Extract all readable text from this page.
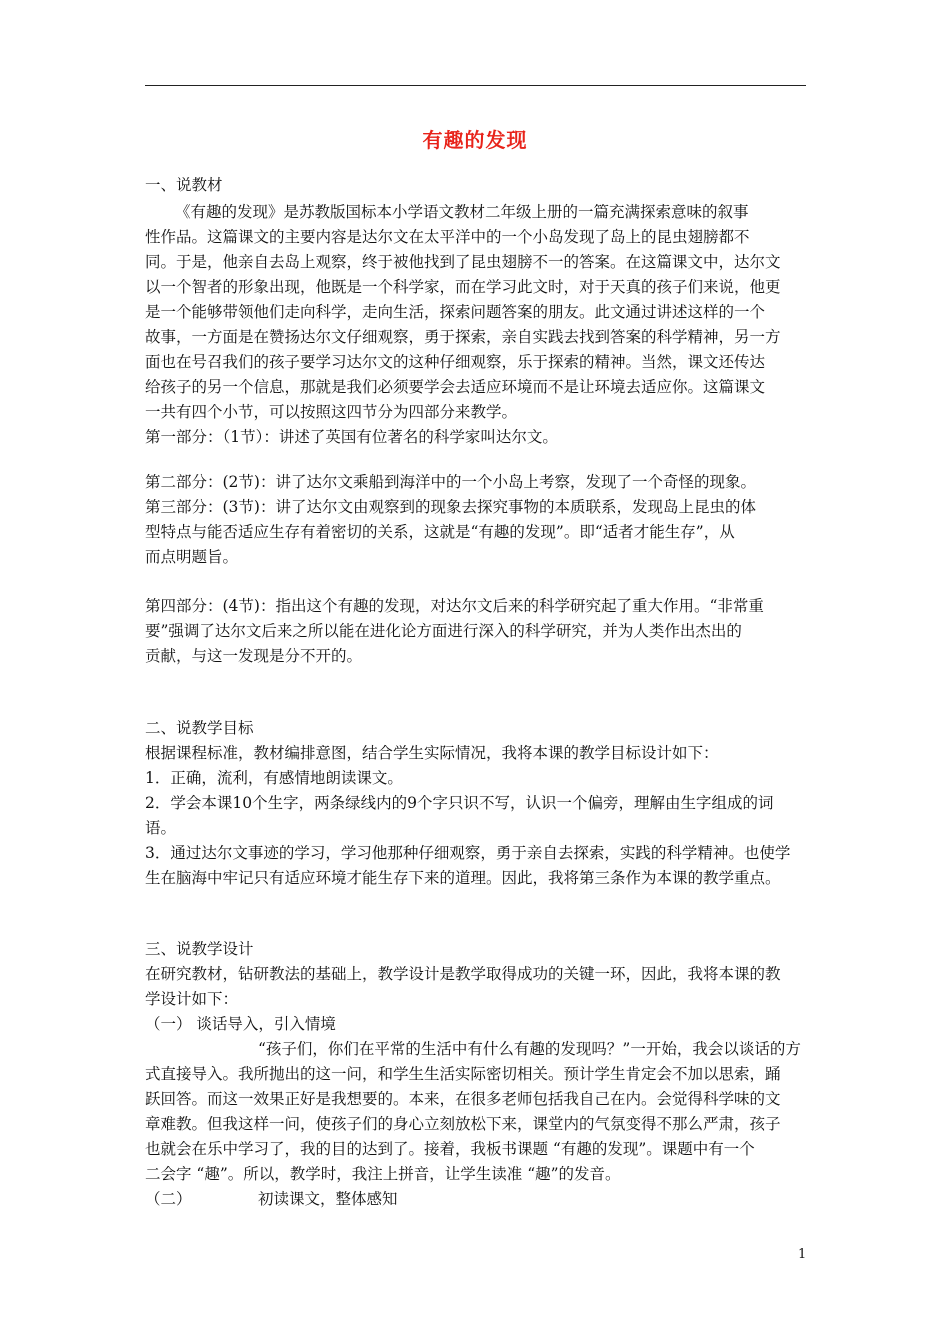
有趣的发现
一、说教材
《有趣的发现》是苏教版国标本小学语文教材二年级上册的一篇充满探索意味的叙事
性作品。这篇课文的主要内容是达尔文在太平洋中的一个小岛发现了岛上的昆虫翅膀都不
同。于是，他亲自去岛上观察，终于被他找到了昆虫翅膀不一的答案。在这篇课文中，达尔文
以一个智者的形象出现，他既是一个科学家，而在学习此文时，对于天真的孩子们来说，他更
是一个能够带领他们走向科学，走向生活，探索问题答案的朋友。此文通过讲述这样的一个
故事，一方面是在赞扬达尔文仔细观察，勇于探索，亲自实践去找到答案的科学精神，另一方
面也在号召我们的孩子要学习达尔文的这种仔细观察，乐于探索的精神。当然，课文还传达
给孩子的另一个信息，那就是我们必须要学会去适应环境而不是让环境去适应你。这篇课文
一共有四个小节，可以按照这四节分为四部分来教学。
第一部分：（1节）：讲述了英国有位著名的科学家叫达尔文。
第二部分：(2节)：讲了达尔文乘船到海洋中的一个小岛上考察，发现了一个奇怪的现象。
第三部分：(3节)：讲了达尔文由观察到的现象去探究事物的本质联系，发现岛上昆虫的体
型特点与能否适应生存有着密切的关系，这就是“有趣的发现”。即“适者才能生存”，从
而点明题旨。
第四部分：(4节)：指出这个有趣的发现，对达尔文后来的科学研究起了重大作用。“非常重
要”强调了达尔文后来之所以能在进化论方面进行深入的科学研究，并为人类作出杰出的
贡献，与这一发现是分不开的。
二、说教学目标
根据课程标准，教材编排意图，结合学生实际情况，我将本课的教学目标设计如下：
1．正确，流利，有感情地朗读课文。
2．学会本课10个生字，两条绿线内的9个字只识不写，认识一个偏旁，理解由生字组成的词
语。
3．通过达尔文事迹的学习，学习他那种仔细观察，勇于亲自去探索，实践的科学精神。也使学
生在脑海中牢记只有适应环境才能生存下来的道理。因此，我将第三条作为本课的教学重点。
三、说教学设计
在研究教材，钻研教法的基础上，教学设计是教学取得成功的关键一环，因此，我将本课的教
学设计如下：
（一） 谈话导入，引入情境
“孩子们，你们在平常的生活中有什么有趣的发现吗？”一开始，我会以谈话的方
式直接导入。我所抛出的这一问，和学生生活实际密切相关。预计学生肯定会不加以思索，踊
跃回答。而这一效果正好是我想要的。本来，在很多老师包括我自己在内。会觉得科学味的文
章难教。但我这样一问，使孩子们的身心立刻放松下来，课堂内的气氛变得不那么严肃，孩子
也就会在乐中学习了，我的目的达到了。接着，我板书课题 “有趣的发现”。课题中有一个
二会字 “趣”。所以，教学时，我注上拼音，让学生读准 “趣”的发音。
（二）	初读课文，整体感知
1
